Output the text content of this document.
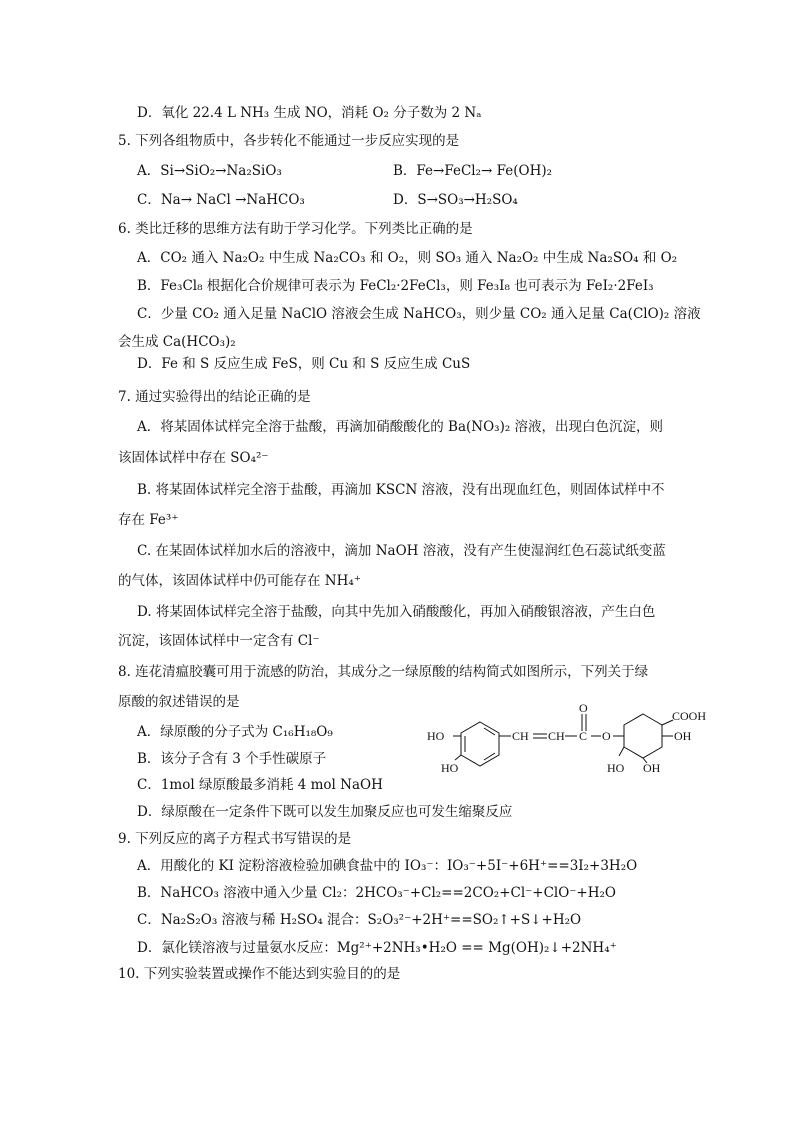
D．氧化 22.4 L NH₃ 生成 NO，消耗 O₂ 分子数为 2 Nₐ
5. 下列各组物质中，各步转化不能通过一步反应实现的是
A．Si→SiO₂→Na₂SiO₃	B．Fe→FeCl₂→ Fe(OH)₂
C．Na→ NaCl →NaHCO₃	D．S→SO₃→H₂SO₄
6. 类比迁移的思维方法有助于学习化学。下列类比正确的是
A．CO₂ 通入 Na₂O₂ 中生成 Na₂CO₃ 和 O₂，则 SO₃ 通入 Na₂O₂ 中生成 Na₂SO₄ 和 O₂
B．Fe₃Cl₈ 根据化合价规律可表示为 FeCl₂·2FeCl₃，则 Fe₃I₈ 也可表示为 FeI₂·2FeI₃
C．少量 CO₂ 通入足量 NaClO 溶液会生成 NaHCO₃，则少量 CO₂ 通入足量 Ca(ClO)₂ 溶液
会生成 Ca(HCO₃)₂
D．Fe 和 S 反应生成 FeS，则 Cu 和 S 反应生成 CuS
7. 通过实验得出的结论正确的是
A．将某固体试样完全溶于盐酸，再滴加硝酸酸化的 Ba(NO₃)₂ 溶液，出现白色沉淀，则
该固体试样中存在 SO₄²⁻
B. 将某固体试样完全溶于盐酸，再滴加 KSCN 溶液，没有出现血红色，则固体试样中不
存在 Fe³⁺
C. 在某固体试样加水后的溶液中，滴加 NaOH 溶液，没有产生使湿润红色石蕊试纸变蓝
的气体，该固体试样中仍可能存在 NH₄⁺
D. 将某固体试样完全溶于盐酸，向其中先加入硝酸酸化，再加入硝酸银溶液，产生白色
沉淀，该固体试样中一定含有 Cl⁻
8. 连花清瘟胶囊可用于流感的防治，其成分之一绿原酸的结构简式如图所示，下列关于绿
原酸的叙述错误的是
A．绿原酸的分子式为 C₁₆H₁₈O₉
B．该分子含有 3 个手性碳原子
C．1mol 绿原酸最多消耗 4 mol NaOH
D．绿原酸在一定条件下既可以发生加聚反应也可发生缩聚反应
9. 下列反应的离子方程式书写错误的是
A．用酸化的 KI 淀粉溶液检验加碘食盐中的 IO₃⁻：IO₃⁻+5I⁻+6H⁺==3I₂+3H₂O
B．NaHCO₃ 溶液中通入少量 Cl₂：2HCO₃⁻+Cl₂==2CO₂+Cl⁻+ClO⁻+H₂O
C．Na₂S₂O₃ 溶液与稀 H₂SO₄ 混合：S₂O₃²⁻+2H⁺==SO₂↑+S↓+H₂O
D．氯化镁溶液与过量氨水反应：Mg²⁺+2NH₃•H₂O == Mg(OH)₂↓+2NH₄⁺
10. 下列实验装置或操作不能达到实验目的的是
HO
HO
CH CH C
O
O
COOH
OH
HO OH
